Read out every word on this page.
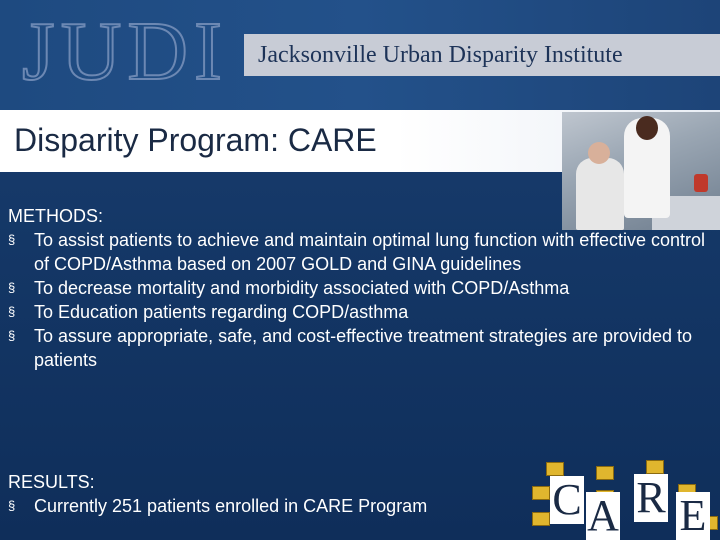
JUDI Jacksonville Urban Disparity Institute
Disparity Program: CARE
METHODS:
§ To assist patients to achieve and maintain optimal lung function with effective control of COPD/Asthma based on 2007 GOLD and GINA guidelines
§ To decrease mortality and morbidity associated with COPD/Asthma
§ To Education patients regarding COPD/asthma
§ To assure appropriate, safe, and cost-effective treatment strategies are provided to patients
RESULTS:
§ Currently 251 patients enrolled in CARE Program	C A R E
